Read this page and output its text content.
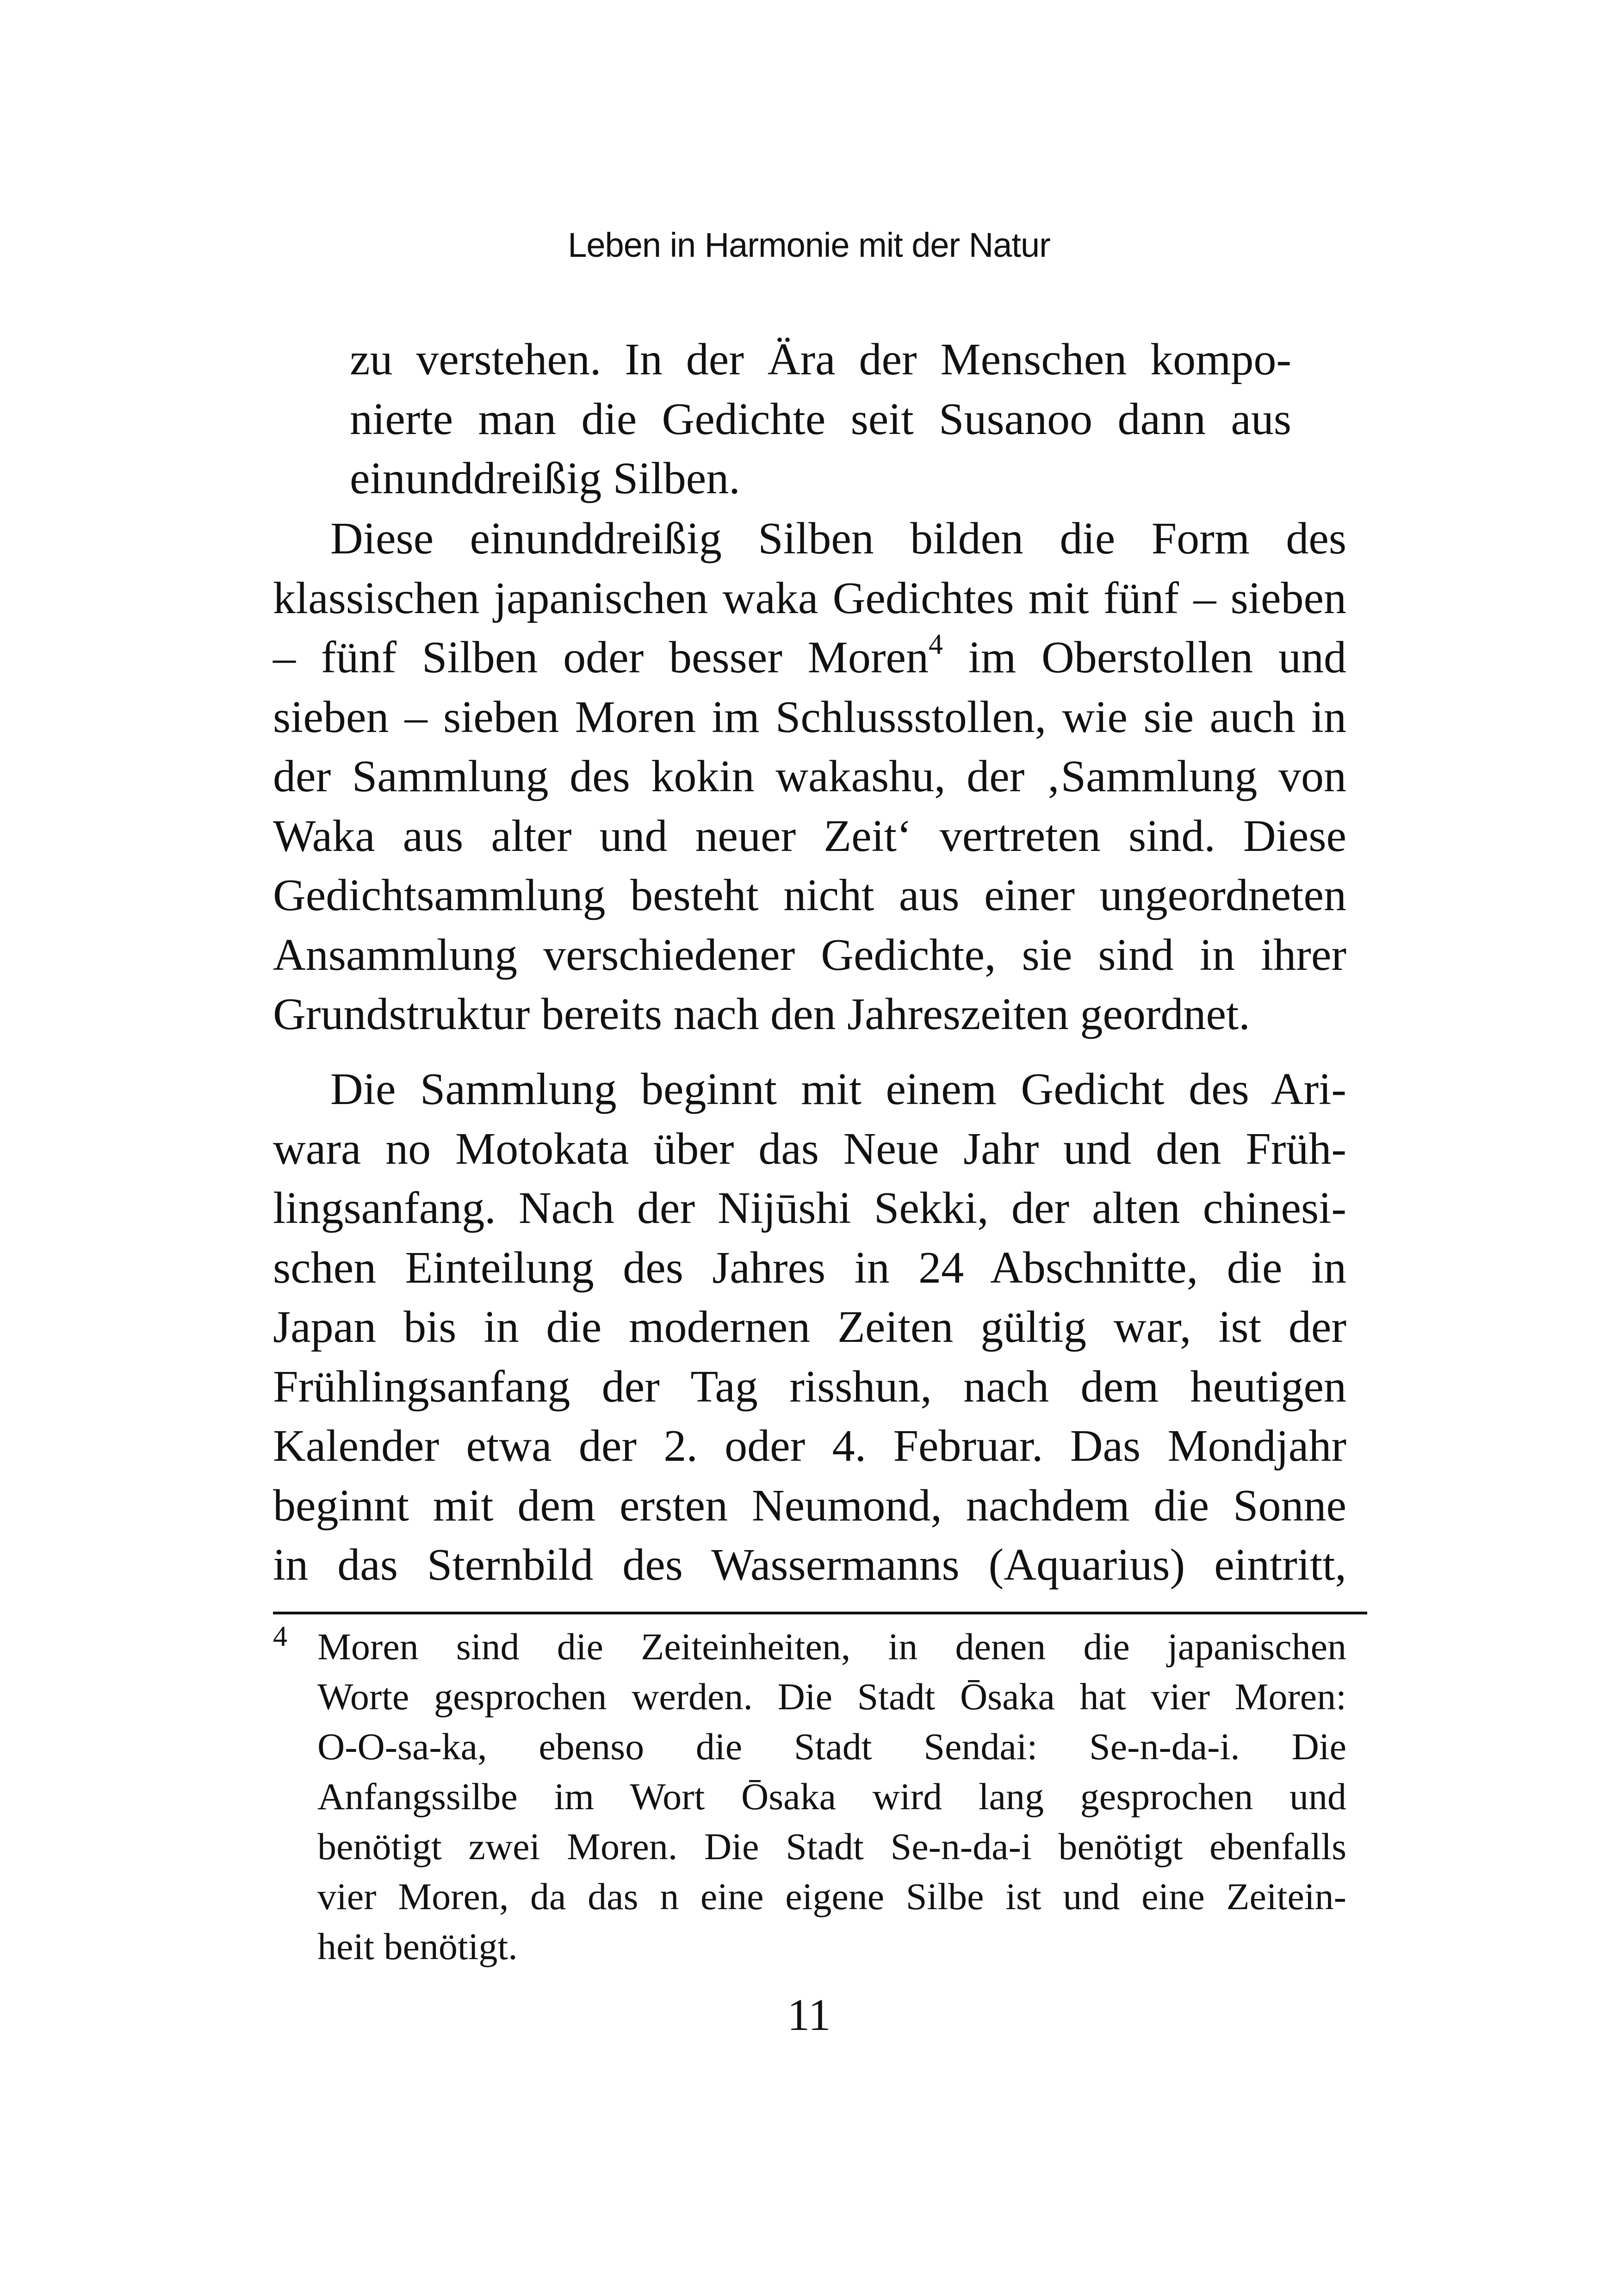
Leben in Harmonie mit der Natur
zu verstehen. In der Ära der Menschen kompo-
nierte man die Gedichte seit Susanoo dann aus
einunddreißig Silben.
Diese einunddreißig Silben bilden die Form des
klassischen japanischen waka Gedichtes mit fünf – sieben
– fünf Silben oder besser Moren$^4$ im Oberstollen und
sieben – sieben Moren im Schlussstollen, wie sie auch in
der Sammlung des kokin wakashu, der ‚Sammlung von
Waka aus alter und neuer Zeit‘ vertreten sind. Diese
Gedichtsammlung besteht nicht aus einer ungeordneten
Ansammlung verschiedener Gedichte, sie sind in ihrer
Grundstruktur bereits nach den Jahreszeiten geordnet.
Die Sammlung beginnt mit einem Gedicht des Ari-
wara no Motokata über das Neue Jahr und den Früh-
lingsanfang. Nach der Nijūshi Sekki, der alten chinesi-
schen Einteilung des Jahres in 24 Abschnitte, die in
Japan bis in die modernen Zeiten gültig war, ist der
Frühlingsanfang der Tag risshun, nach dem heutigen
Kalender etwa der 2. oder 4. Februar. Das Mondjahr
beginnt mit dem ersten Neumond, nachdem die Sonne
in das Sternbild des Wassermanns (Aquarius) eintritt,
4 Moren sind die Zeiteinheiten, in denen die japanischen
Worte gesprochen werden. Die Stadt Ōsaka hat vier Moren:
O-O-sa-ka, ebenso die Stadt Sendai: Se-n-da-i. Die
Anfangssilbe im Wort Ōsaka wird lang gesprochen und
benötigt zwei Moren. Die Stadt Se-n-da-i benötigt ebenfalls
vier Moren, da das n eine eigene Silbe ist und eine Zeitein-
heit benötigt.
11
